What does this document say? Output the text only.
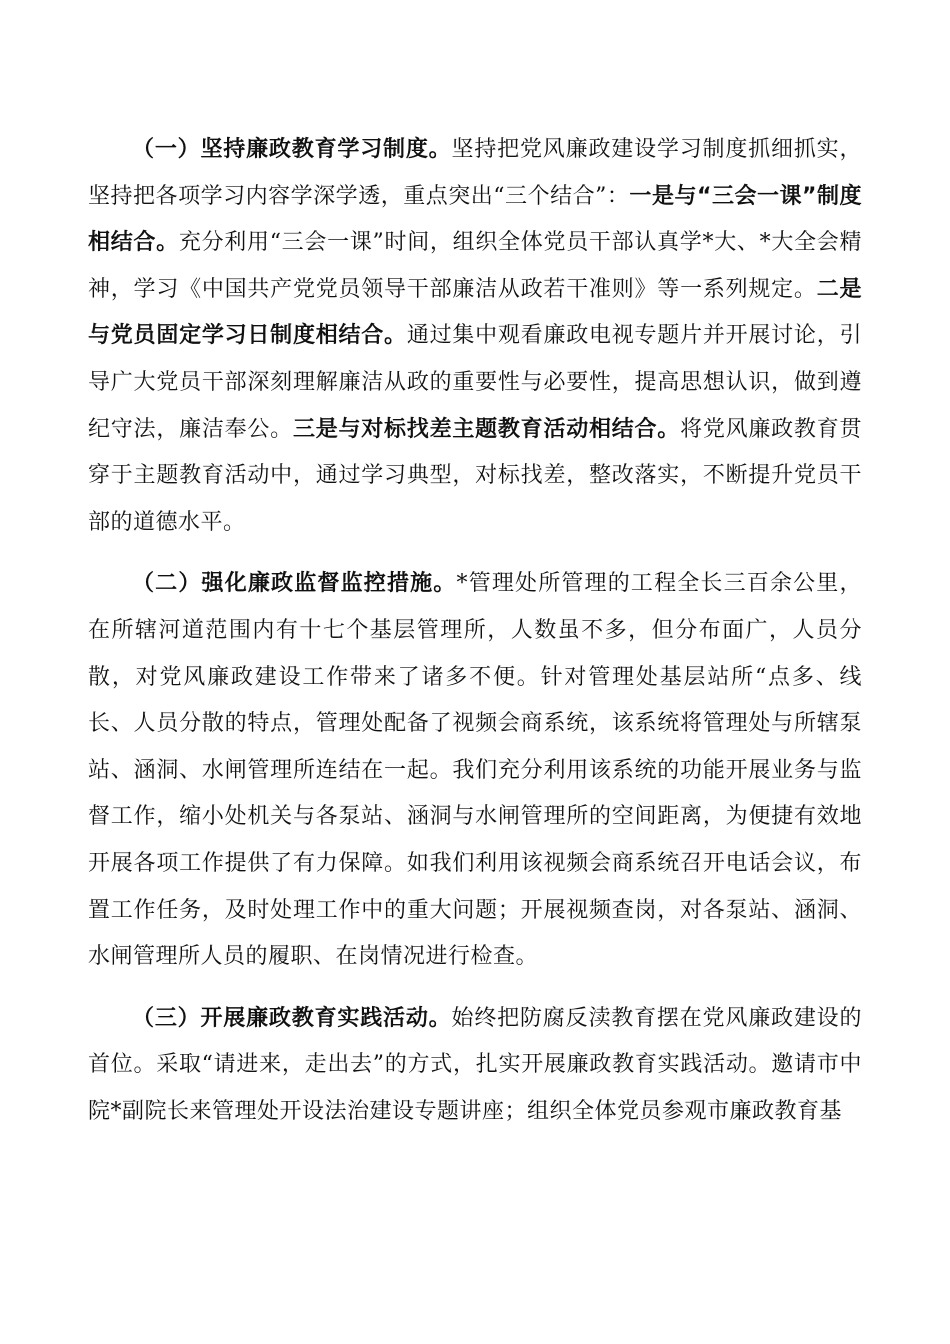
（一）坚持廉政教育学习制度。坚持把党风廉政建设学习制度抓细抓实，坚持把各项学习内容学深学透，重点突出“三个结合”：一是与“三会一课”制度相结合。充分利用“三会一课”时间，组织全体党员干部认真学*大、*大全会精神，学习《中国共产党党员领导干部廉洁从政若干准则》等一系列规定。二是与党员固定学习日制度相结合。通过集中观看廉政电视专题片并开展讨论，引导广大党员干部深刻理解廉洁从政的重要性与必要性，提高思想认识，做到遵纪守法，廉洁奉公。三是与对标找差主题教育活动相结合。将党风廉政教育贯穿于主题教育活动中，通过学习典型，对标找差，整改落实，不断提升党员干部的道德水平。

（二）强化廉政监督监控措施。*管理处所管理的工程全长三百余公里，在所辖河道范围内有十七个基层管理所，人数虽不多，但分布面广，人员分散，对党风廉政建设工作带来了诸多不便。针对管理处基层站所“点多、线长、人员分散的特点，管理处配备了视频会商系统，该系统将管理处与所辖泵站、涵洞、水闸管理所连结在一起。我们充分利用该系统的功能开展业务与监督工作，缩小处机关与各泵站、涵洞与水闸管理所的空间距离，为便捷有效地开展各项工作提供了有力保障。如我们利用该视频会商系统召开电话会议，布置工作任务，及时处理工作中的重大问题；开展视频查岗，对各泵站、涵洞、水闸管理所人员的履职、在岗情况进行检查。

（三）开展廉政教育实践活动。始终把防腐反渎教育摆在党风廉政建设的首位。采取“请进来，走出去”的方式，扎实开展廉政教育实践活动。邀请市中院*副院长来管理处开设法治建设专题讲座；组织全体党员参观市廉政教育基
